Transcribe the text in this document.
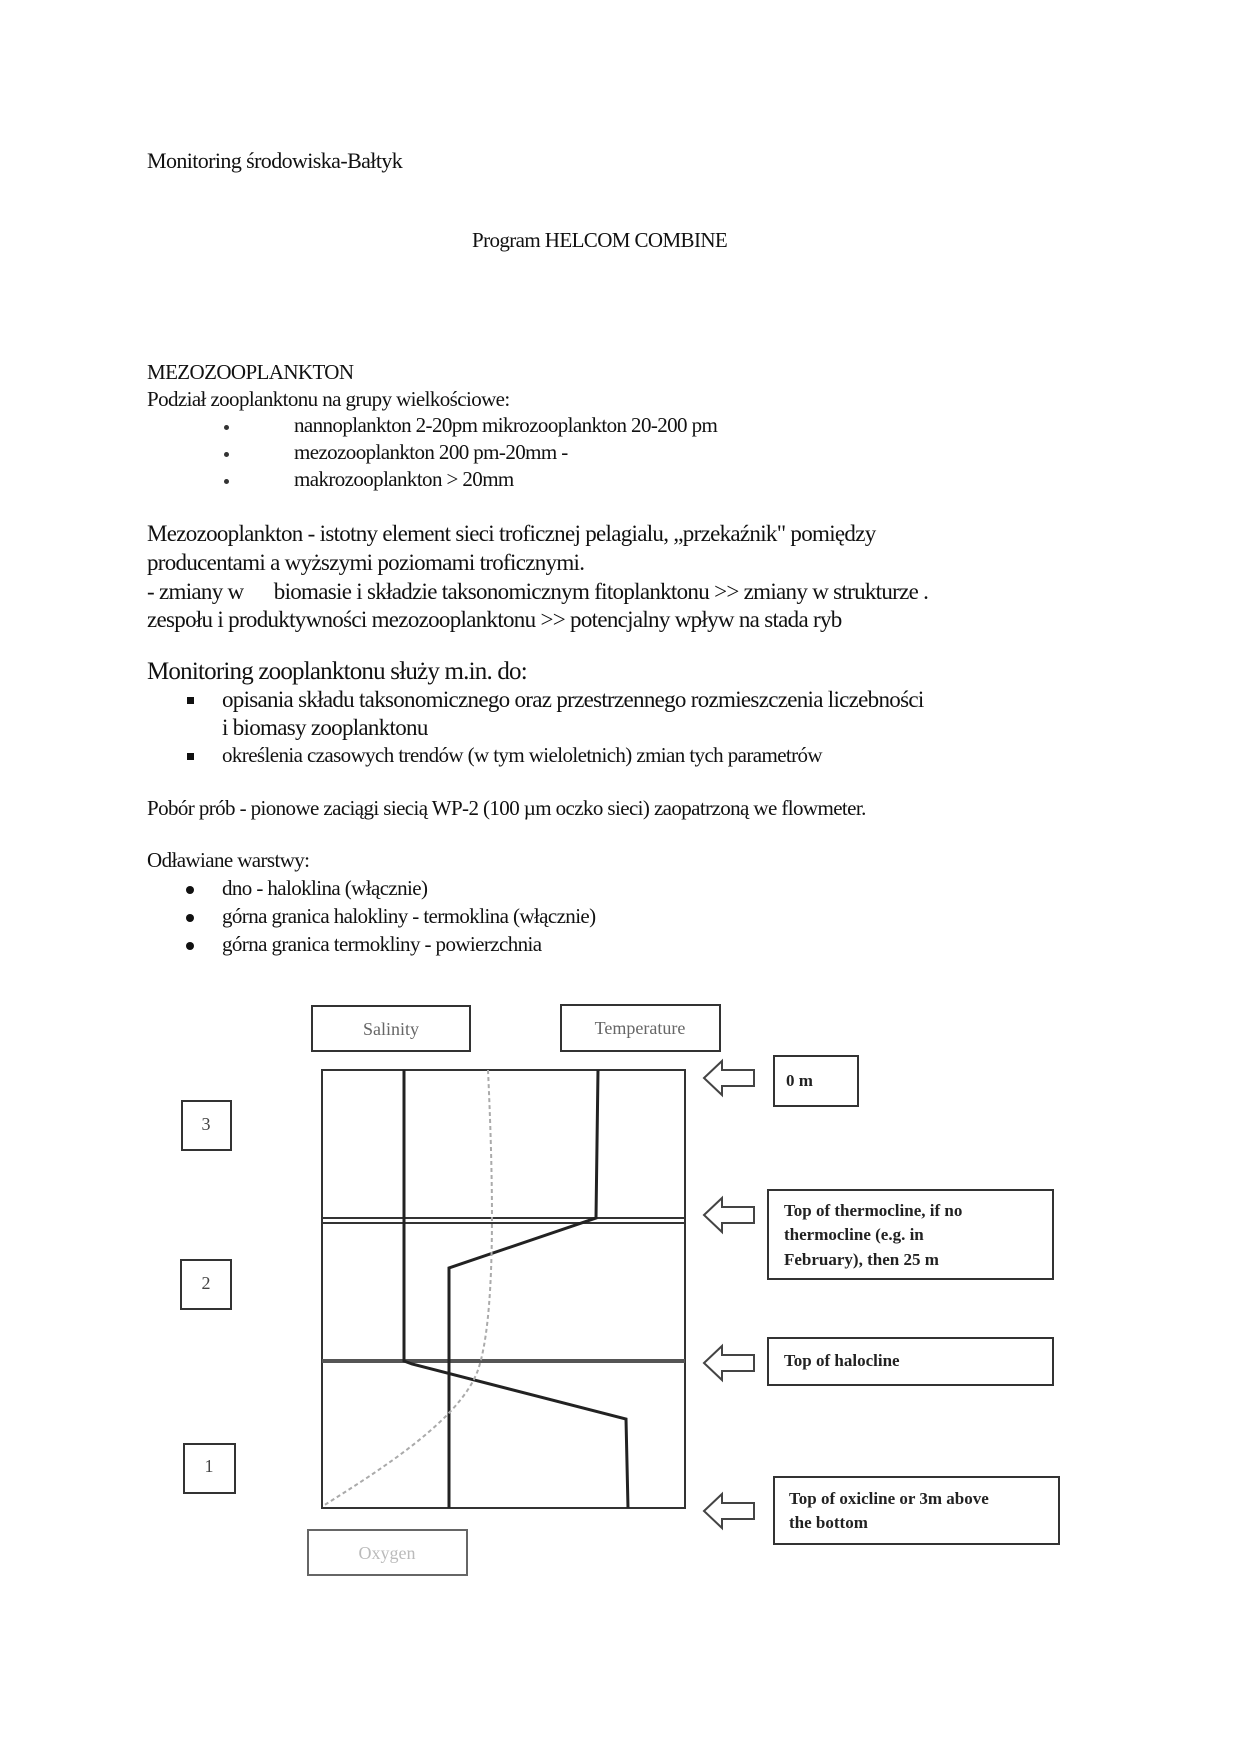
Monitoring środowiska-Bałtyk
Program HELCOM COMBINE
MEZOZOOPLANKTON
Podział zooplanktonu na grupy wielkościowe:
nannoplankton 2-20pm mikrozooplankton 20-200 pm
mezozooplankton 200 pm-20mm -
makrozooplankton > 20mm
Mezozooplankton - istotny element sieci troficznej pelagialu, „przekaźnik" pomiędzy
producentami a wyższymi poziomami troficznymi.
- zmiany w      biomasie i składzie taksonomicznym fitoplanktonu >> zmiany w strukturze .
zespołu i produktywności mezozooplanktonu >> potencjalny wpływ na stada ryb
Monitoring zooplanktonu służy m.in. do:
opisania składu taksonomicznego oraz przestrzennego rozmieszczenia liczebności
i biomasy zooplanktonu
określenia czasowych trendów (w tym wieloletnich) zmian tych parametrów
Pobór prób - pionowe zaciągi siecią WP-2 (100 µm oczko sieci) zaopatrzoną we flowmeter.
Odławiane warstwy:
dno - haloklina (włącznie)
górna granica halokliny - termoklina (włącznie)
górna granica termokliny - powierzchnia
Salinity	Temperature
Oxygen
3
2
1
0 m
Top of thermocline, if no
thermocline (e.g. in
February), then 25 m
Top of halocline
Top of oxicline or 3m above
the bottom
